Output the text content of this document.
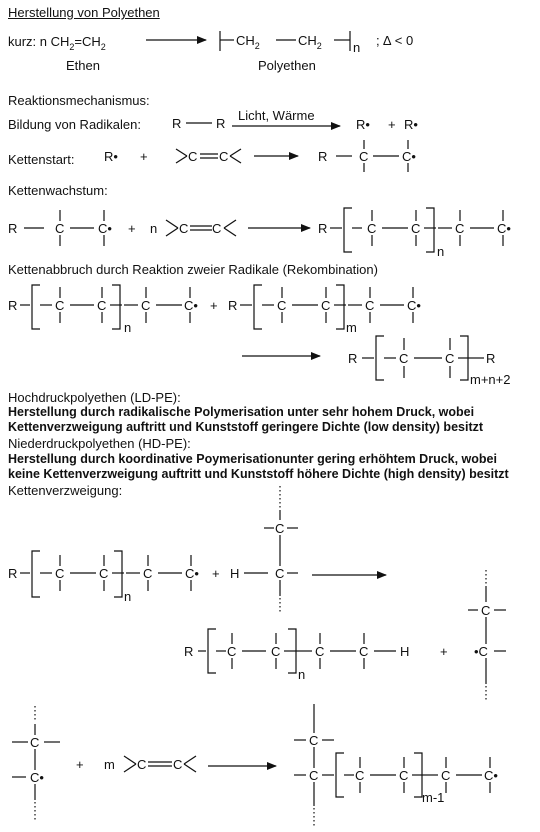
Herstellung von Polyethen
Reaktionsmechanismus:
Bildung von Radikalen:
Kettenstart:
Kettenwachstum:
Kettenabbruch durch Reaktion zweier Radikale (Rekombination)
Hochdruckpolyethen (LD-PE):
Herstellung durch radikalische Polymerisation unter sehr hohem Druck, wobei
Kettenverzweigung auftritt und Kunststoff geringere Dichte (low density) besitzt
Niederdruckpolyethen (HD-PE):
Herstellung durch koordinative Poymerisationunter gering erhöhtem Druck, wobei
keine Kettenverzweigung auftritt und Kunststoff höhere Dichte (high density) besitzt
Kettenverzweigung:
kurz: n $CH_2=CH_2$
Ethen
$CH_2$	$CH_2$ n
Polyethen
; ∆ < 0
R	R
Licht, Wärme
R• + R•
R• +	C C	R C	C•
R	C	C• + n C C	R	C	C
n
C	C•
R	C	C
n
C	C• + R	C	C
m
C	C•
R	C	C R
m+n+2
R	C	C
n
C	C• + H
C
C
R	C	C
n
C	C H +
C
•C
C
C•
+ m C C
C
C	C	C
m-1
C	C•
